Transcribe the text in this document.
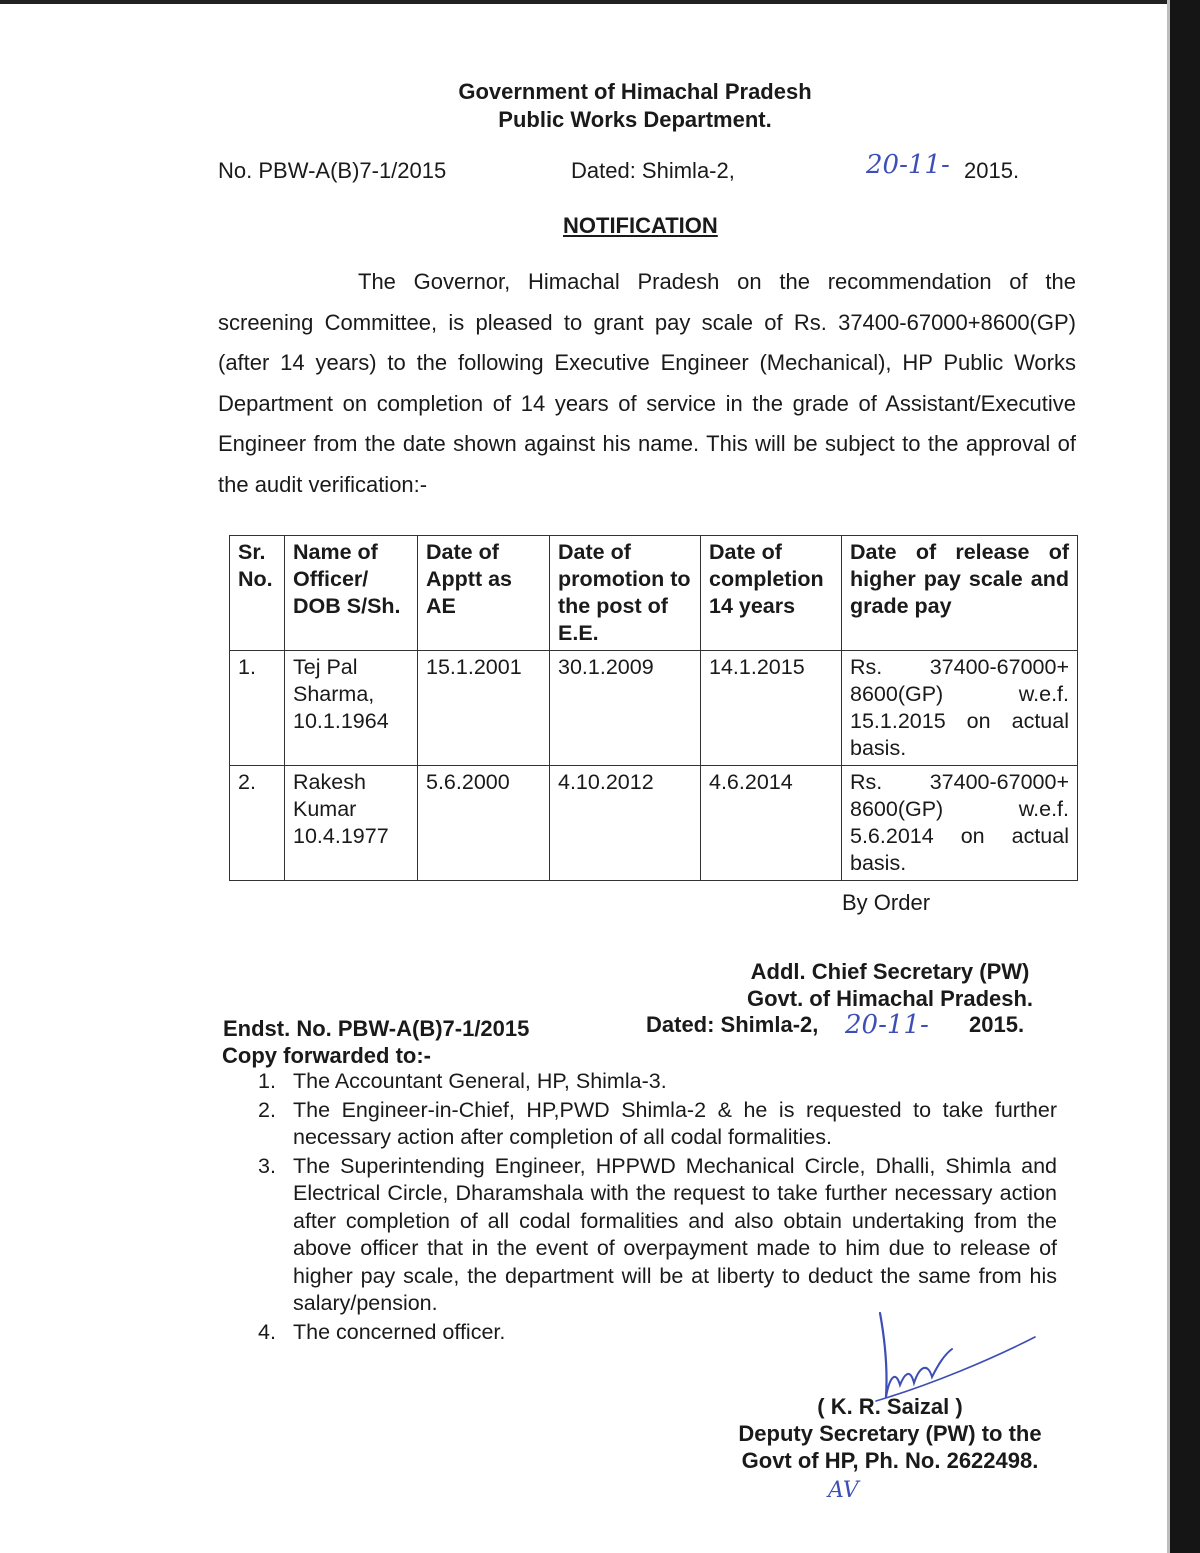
Government of Himachal Pradesh
Public Works Department.
No. PBW-A(B)7-1/2015	Dated: Shimla-2,	20-11- 2015.
NOTIFICATION
The Governor, Himachal Pradesh on the recommendation of the screening Committee, is pleased to grant pay scale of Rs. 37400-67000+8600(GP) (after 14 years) to the following Executive Engineer (Mechanical), HP Public Works Department on completion of 14 years of service in the grade of Assistant/Executive Engineer from the date shown against his name. This will be subject to the approval of the audit verification:-
Sr. No.	Name of Officer/ DOB S/Sh.	Date of Apptt as AE	Date of promotion to the post of E.E.	Date of completion 14 years	Date of release of higher pay scale and grade pay
1.	Tej Pal Sharma, 10.1.1964	15.1.2001	30.1.2009	14.1.2015	Rs. 37400-67000+ 8600(GP) w.e.f. 15.1.2015 on actual basis.
2.	Rakesh Kumar 10.4.1977	5.6.2000	4.10.2012	4.6.2014	Rs. 37400-67000+ 8600(GP) w.e.f. 5.6.2014 on actual basis.
By Order
Addl. Chief Secretary (PW)
Govt. of Himachal Pradesh.
Endst. No. PBW-A(B)7-1/2015	Dated: Shimla-2, 20-11- 2015.
Copy forwarded to:-
1. The Accountant General, HP, Shimla-3.
2. The Engineer-in-Chief, HP,PWD Shimla-2 & he is requested to take further necessary action after completion of all codal formalities.
3. The Superintending Engineer, HPPWD Mechanical Circle, Dhalli, Shimla and Electrical Circle, Dharamshala with the request to take further necessary action after completion of all codal formalities and also obtain undertaking from the above officer that in the event of overpayment made to him due to release of higher pay scale, the department will be at liberty to deduct the same from his salary/pension.
4. The concerned officer.
( K. R. Saizal )
Deputy Secretary (PW) to the
Govt of HP, Ph. No. 2622498.
AV
